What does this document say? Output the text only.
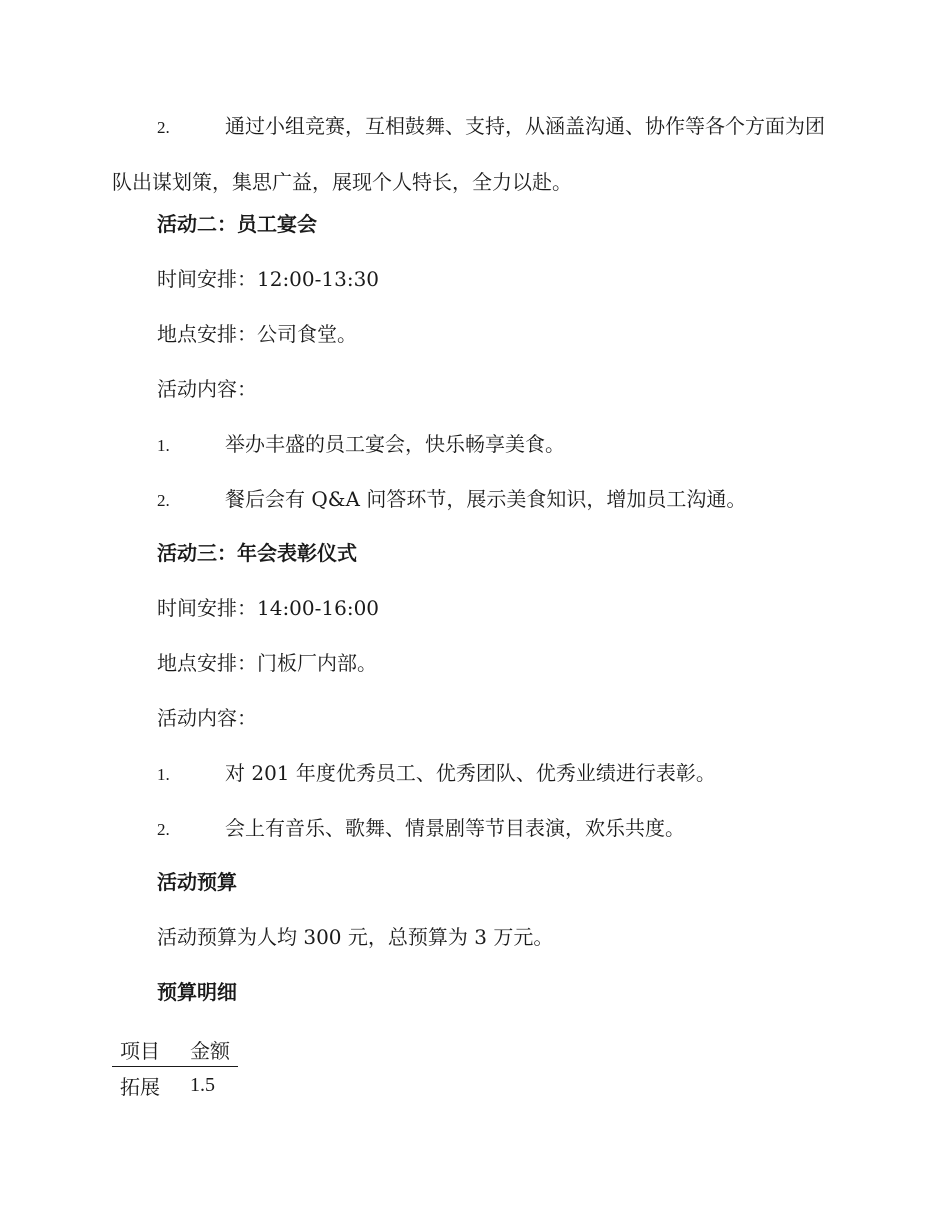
2.	通过小组竞赛，互相鼓舞、支持，从涵盖沟通、协作等各个方面为团队出谋划策，集思广益，展现个人特长，全力以赴。
活动二：员工宴会
时间安排：12:00-13:30
地点安排：公司食堂。
活动内容：
1.	举办丰盛的员工宴会，快乐畅享美食。
2.	餐后会有 Q&A 问答环节，展示美食知识，增加员工沟通。
活动三：年会表彰仪式
时间安排：14:00-16:00
地点安排：门板厂内部。
活动内容：
1.	对 201 年度优秀员工、优秀团队、优秀业绩进行表彰。
2.	会上有音乐、歌舞、情景剧等节目表演，欢乐共度。
活动预算
活动预算为人均 300 元，总预算为 3 万元。
预算明细
项目	金额
拓展	1.5
